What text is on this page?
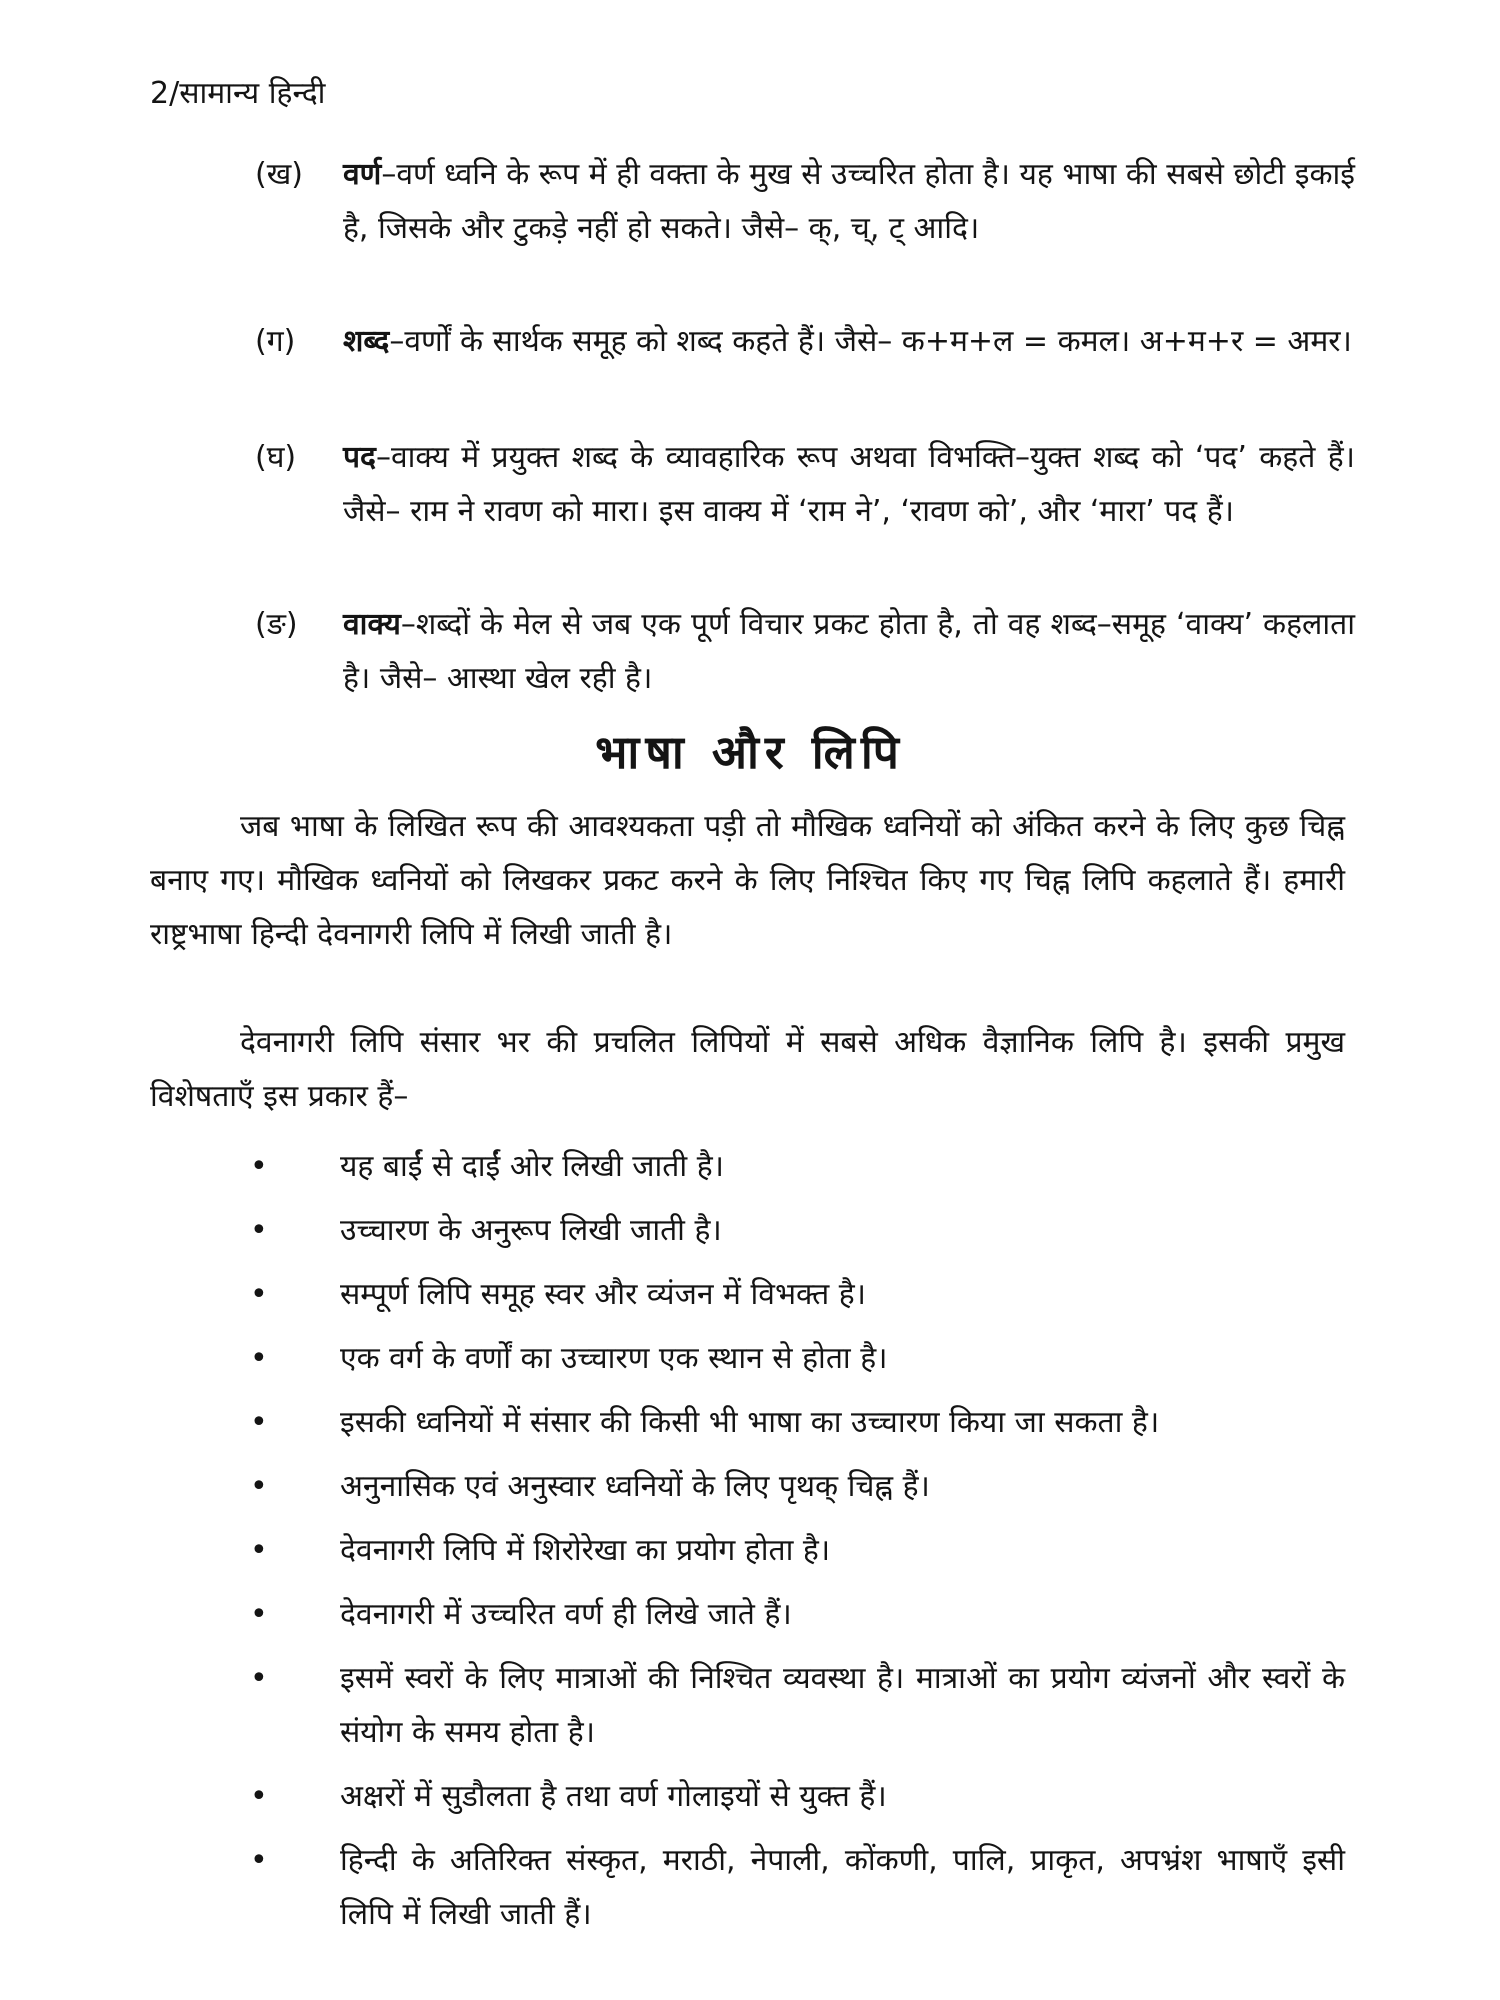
2/सामान्य हिन्दी
(ख)	वर्ण–वर्ण ध्वनि के रूप में ही वक्ता के मुख से उच्चरित होता है। यह भाषा की सबसे छोटी इकाई है, जिसके और टुकड़े नहीं हो सकते। जैसे– क्, च्, ट् आदि।
(ग)	शब्द–वर्णों के सार्थक समूह को शब्द कहते हैं। जैसे– क+म+ल = कमल। अ+म+र = अमर।
(घ)	पद–वाक्य में प्रयुक्त शब्द के व्यावहारिक रूप अथवा विभक्ति–युक्त शब्द को ‘पद’ कहते हैं। जैसे– राम ने रावण को मारा। इस वाक्य में ‘राम ने’, ‘रावण को’, और ‘मारा’ पद हैं।
(ङ)	वाक्य–शब्दों के मेल से जब एक पूर्ण विचार प्रकट होता है, तो वह शब्द–समूह ‘वाक्य’ कहलाता है। जैसे– आस्था खेल रही है।
भाषा और लिपि

जब भाषा के लिखित रूप की आवश्यकता पड़ी तो मौखिक ध्वनियों को अंकित करने के लिए कुछ चिह्न बनाए गए। मौखिक ध्वनियों को लिखकर प्रकट करने के लिए निश्चित किए गए चिह्न लिपि कहलाते हैं। हमारी राष्ट्रभाषा हिन्दी देवनागरी लिपि में लिखी जाती है।

देवनागरी लिपि संसार भर की प्रचलित लिपियों में सबसे अधिक वैज्ञानिक लिपि है। इसकी प्रमुख विशेषताएँ इस प्रकार हैं–

• यह बाईं से दाईं ओर लिखी जाती है।
• उच्चारण के अनुरूप लिखी जाती है।
• सम्पूर्ण लिपि समूह स्वर और व्यंजन में विभक्त है।
• एक वर्ग के वर्णों का उच्चारण एक स्थान से होता है।
• इसकी ध्वनियों में संसार की किसी भी भाषा का उच्चारण किया जा सकता है।
• अनुनासिक एवं अनुस्वार ध्वनियों के लिए पृथक् चिह्न हैं।
• देवनागरी लिपि में शिरोरेखा का प्रयोग होता है।
• देवनागरी में उच्चरित वर्ण ही लिखे जाते हैं।
• इसमें स्वरों के लिए मात्राओं की निश्चित व्यवस्था है। मात्राओं का प्रयोग व्यंजनों और स्वरों के संयोग के समय होता है।
• अक्षरों में सुडौलता है तथा वर्ण गोलाइयों से युक्त हैं।
• हिन्दी के अतिरिक्त संस्कृत, मराठी, नेपाली, कोंकणी, पालि, प्राकृत, अपभ्रंश भाषाएँ इसी लिपि में लिखी जाती हैं।
